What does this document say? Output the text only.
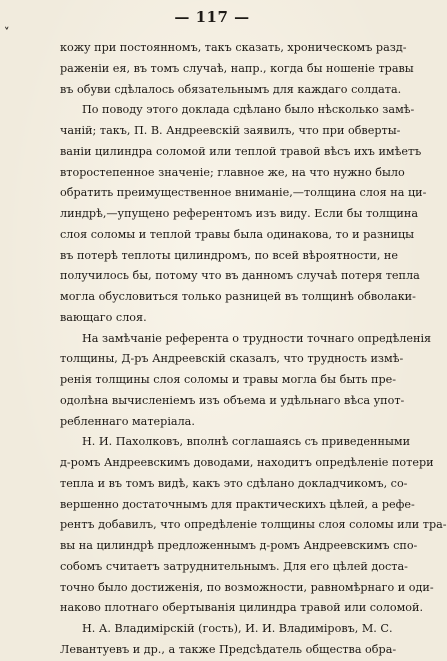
— 117 —
˅
кожу при постоянномъ, такъ сказать, хроническомъ разд-
раженіи ея, въ томъ случаѣ, напр., когда бы ношеніе травы
въ обуви сдѣлалось обязательнымъ для каждаго солдата.
По поводу этого доклада сдѣлано было нѣсколько замѣ-
чаній; такъ, П. В. Андреевскій заявилъ, что при обверты-
ваніи цилиндра соломой или теплой травой вѣсъ ихъ имѣетъ
второстепенное значеніе; главное же, на что нужно было
обратить преимущественное вниманіе,—толщина слоя на ци-
линдрѣ,—упущено референтомъ изъ виду. Если бы толщина
слоя соломы и теплой травы была одинакова, то и разницы
въ потерѣ теплоты цилиндромъ, по всей вѣроятности, не
получилось бы, потому что въ данномъ случаѣ потеря тепла
могла обусловиться только разницей въ толщинѣ обволаки-
вающаго слоя.
На замѣчаніе референта о трудности точнаго опредѣленія
толщины, Д-ръ Андреевскій сказалъ, что трудность измѣ-
ренія толщины слоя соломы и травы могла бы быть пре-
одолѣна вычисленіемъ изъ объема и удѣльнаго вѣса упот-
ребленнаго матеріала.
Н. И. Пахолковъ, вполнѣ соглашаясь съ приведенными
д-ромъ Андреевскимъ доводами, находитъ опредѣленіе потери
тепла и въ томъ видѣ, какъ это сдѣлано докладчикомъ, со-
вершенно достаточнымъ для практическихъ цѣлей, а рефе-
рентъ добавилъ, что опредѣленіе толщины слоя соломы или тра-
вы на цилиндрѣ предложеннымъ д-ромъ Андреевскимъ спо-
собомъ считаетъ затруднительнымъ. Для его цѣлей доста-
точно было достиженія, по возможности, равномѣрнаго и оди-
наково плотнаго обертыванія цилиндра травой или соломой.
Н. А. Владимірскій (гость), И. И. Владиміровъ, М. С.
Левантуевъ и др., а также Предсѣдатель общества обра-
